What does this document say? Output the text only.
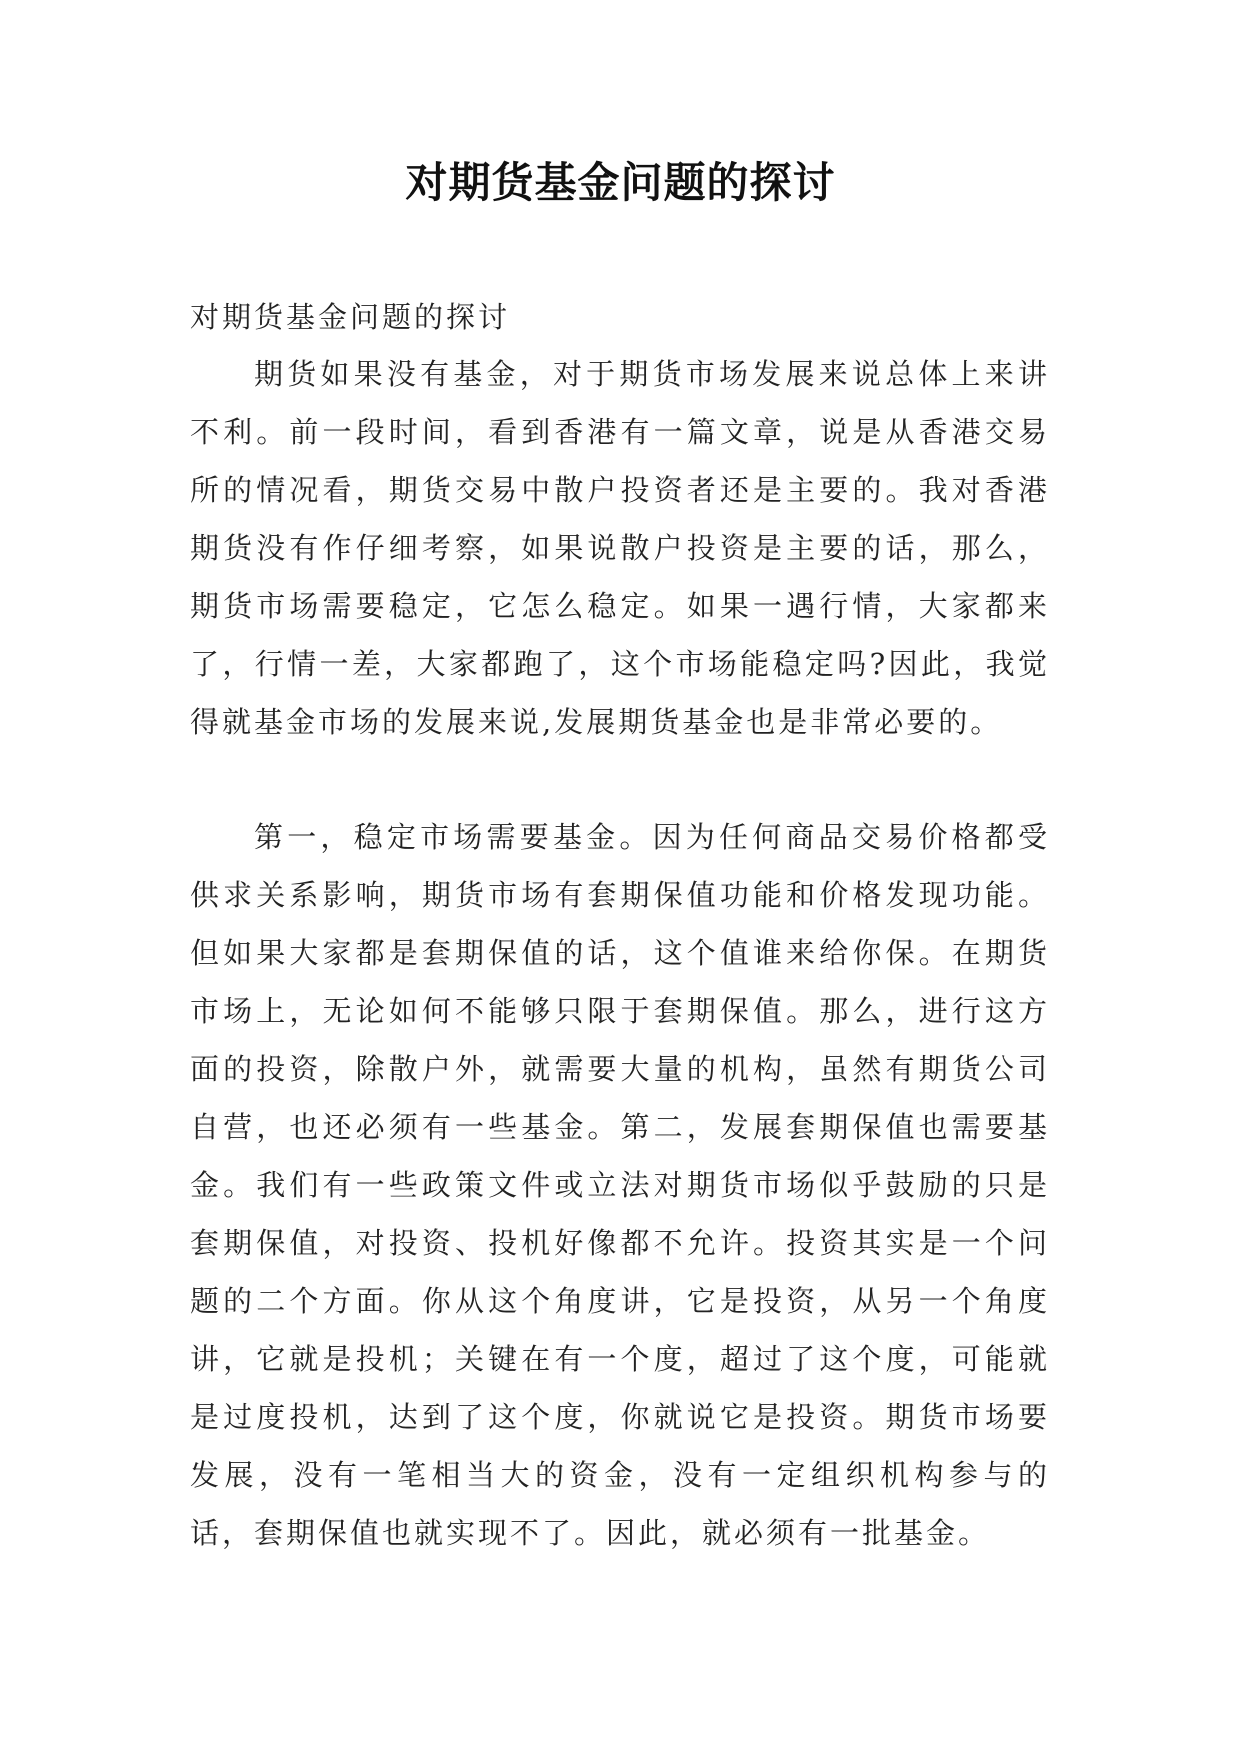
对期货基金问题的探讨

对期货基金问题的探讨

期货如果没有基金，对于期货市场发展来说总体上来讲不利。前一段时间，看到香港有一篇文章，说是从香港交易所的情况看，期货交易中散户投资者还是主要的。我对香港期货没有作仔细考察，如果说散户投资是主要的话，那么，期货市场需要稳定，它怎么稳定。如果一遇行情，大家都来了，行情一差，大家都跑了，这个市场能稳定吗?因此，我觉得就基金市场的发展来说,发展期货基金也是非常必要的。

第一，稳定市场需要基金。因为任何商品交易价格都受供求关系影响，期货市场有套期保值功能和价格发现功能。但如果大家都是套期保值的话，这个值谁来给你保。在期货市场上，无论如何不能够只限于套期保值。那么，进行这方面的投资，除散户外，就需要大量的机构，虽然有期货公司自营，也还必须有一些基金。第二，发展套期保值也需要基金。我们有一些政策文件或立法对期货市场似乎鼓励的只是套期保值，对投资、投机好像都不允许。投资其实是一个问题的二个方面。你从这个角度讲，它是投资，从另一个角度讲，它就是投机；关键在有一个度，超过了这个度，可能就是过度投机，达到了这个度，你就说它是投资。期货市场要发展，没有一笔相当大的资金，没有一定组织机构参与的话，套期保值也就实现不了。因此，就必须有一批基金。
